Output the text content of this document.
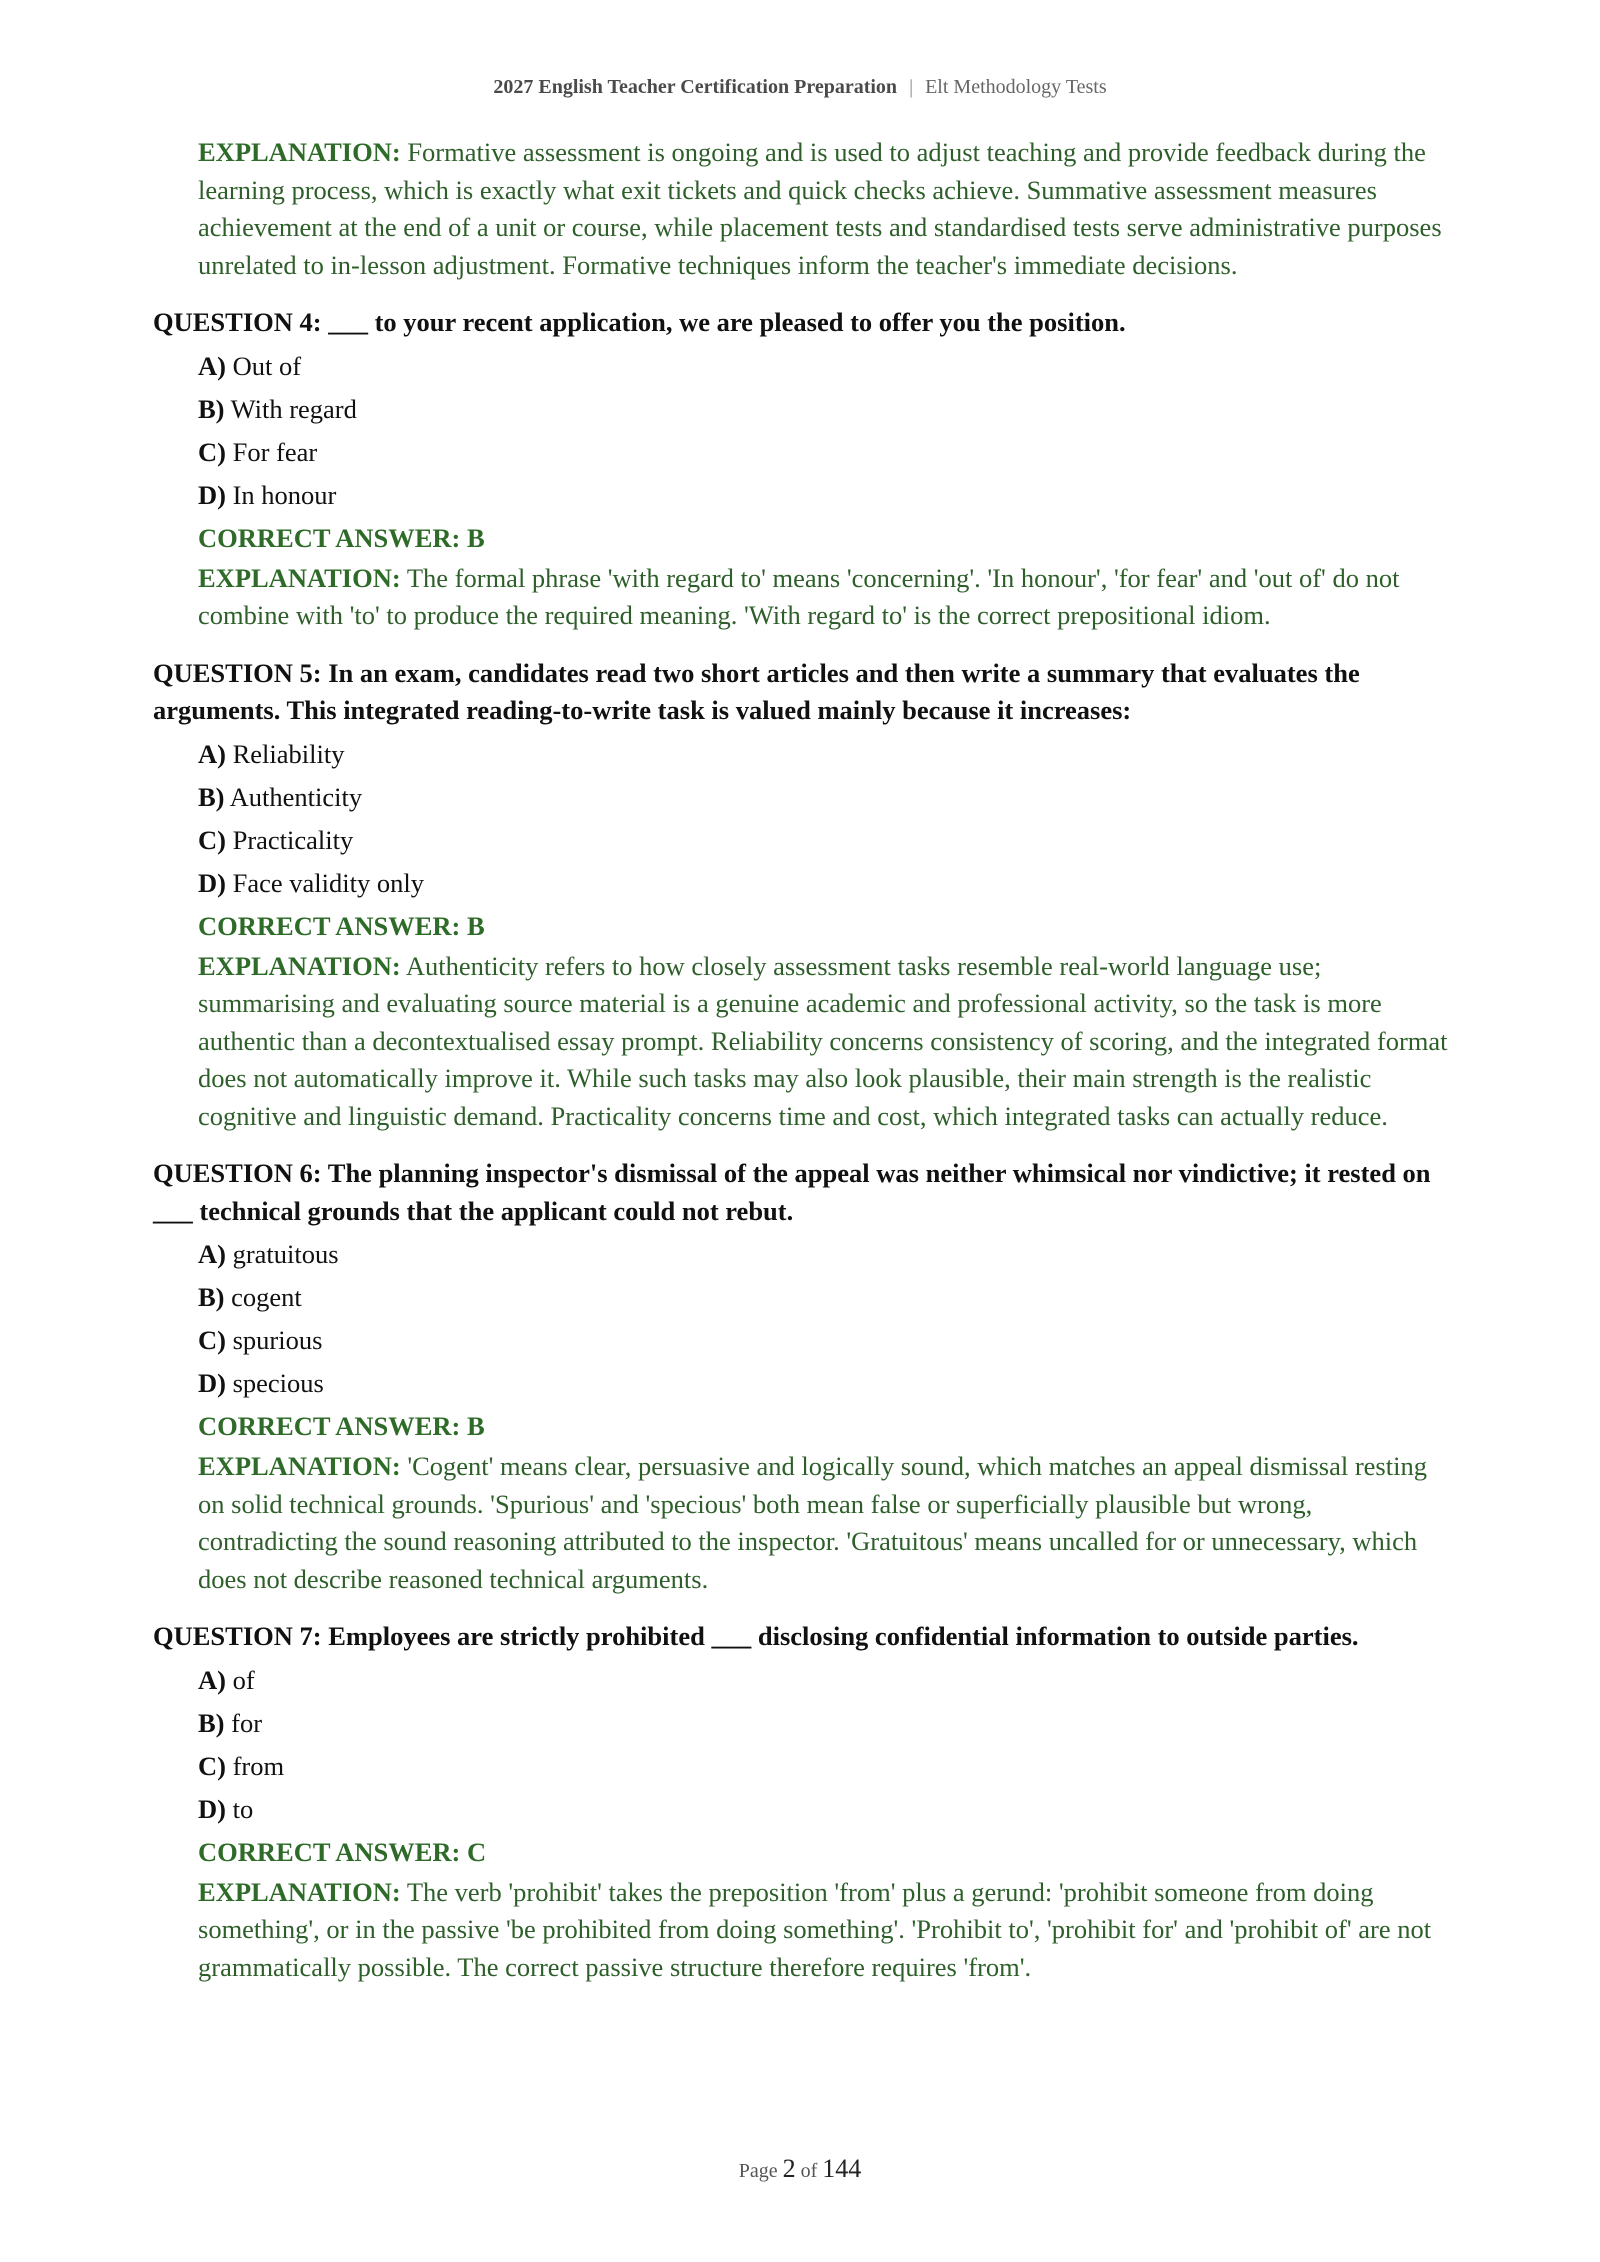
2027 English Teacher Certification Preparation | Elt Methodology Tests
EXPLANATION: Formative assessment is ongoing and is used to adjust teaching and provide feedback during the learning process, which is exactly what exit tickets and quick checks achieve. Summative assessment measures achievement at the end of a unit or course, while placement tests and standardised tests serve administrative purposes unrelated to in-lesson adjustment. Formative techniques inform the teacher's immediate decisions.
QUESTION 4: ___ to your recent application, we are pleased to offer you the position.
A) Out of
B) With regard
C) For fear
D) In honour
CORRECT ANSWER: B
EXPLANATION: The formal phrase 'with regard to' means 'concerning'. 'In honour', 'for fear' and 'out of' do not combine with 'to' to produce the required meaning. 'With regard to' is the correct prepositional idiom.
QUESTION 5: In an exam, candidates read two short articles and then write a summary that evaluates the arguments. This integrated reading-to-write task is valued mainly because it increases:
A) Reliability
B) Authenticity
C) Practicality
D) Face validity only
CORRECT ANSWER: B
EXPLANATION: Authenticity refers to how closely assessment tasks resemble real-world language use; summarising and evaluating source material is a genuine academic and professional activity, so the task is more authentic than a decontextualised essay prompt. Reliability concerns consistency of scoring, and the integrated format does not automatically improve it. While such tasks may also look plausible, their main strength is the realistic cognitive and linguistic demand. Practicality concerns time and cost, which integrated tasks can actually reduce.
QUESTION 6: The planning inspector's dismissal of the appeal was neither whimsical nor vindictive; it rested on ___ technical grounds that the applicant could not rebut.
A) gratuitous
B) cogent
C) spurious
D) specious
CORRECT ANSWER: B
EXPLANATION: 'Cogent' means clear, persuasive and logically sound, which matches an appeal dismissal resting on solid technical grounds. 'Spurious' and 'specious' both mean false or superficially plausible but wrong, contradicting the sound reasoning attributed to the inspector. 'Gratuitous' means uncalled for or unnecessary, which does not describe reasoned technical arguments.
QUESTION 7: Employees are strictly prohibited ___ disclosing confidential information to outside parties.
A) of
B) for
C) from
D) to
CORRECT ANSWER: C
EXPLANATION: The verb 'prohibit' takes the preposition 'from' plus a gerund: 'prohibit someone from doing something', or in the passive 'be prohibited from doing something'. 'Prohibit to', 'prohibit for' and 'prohibit of' are not grammatically possible. The correct passive structure therefore requires 'from'.
Page 2 of 144
